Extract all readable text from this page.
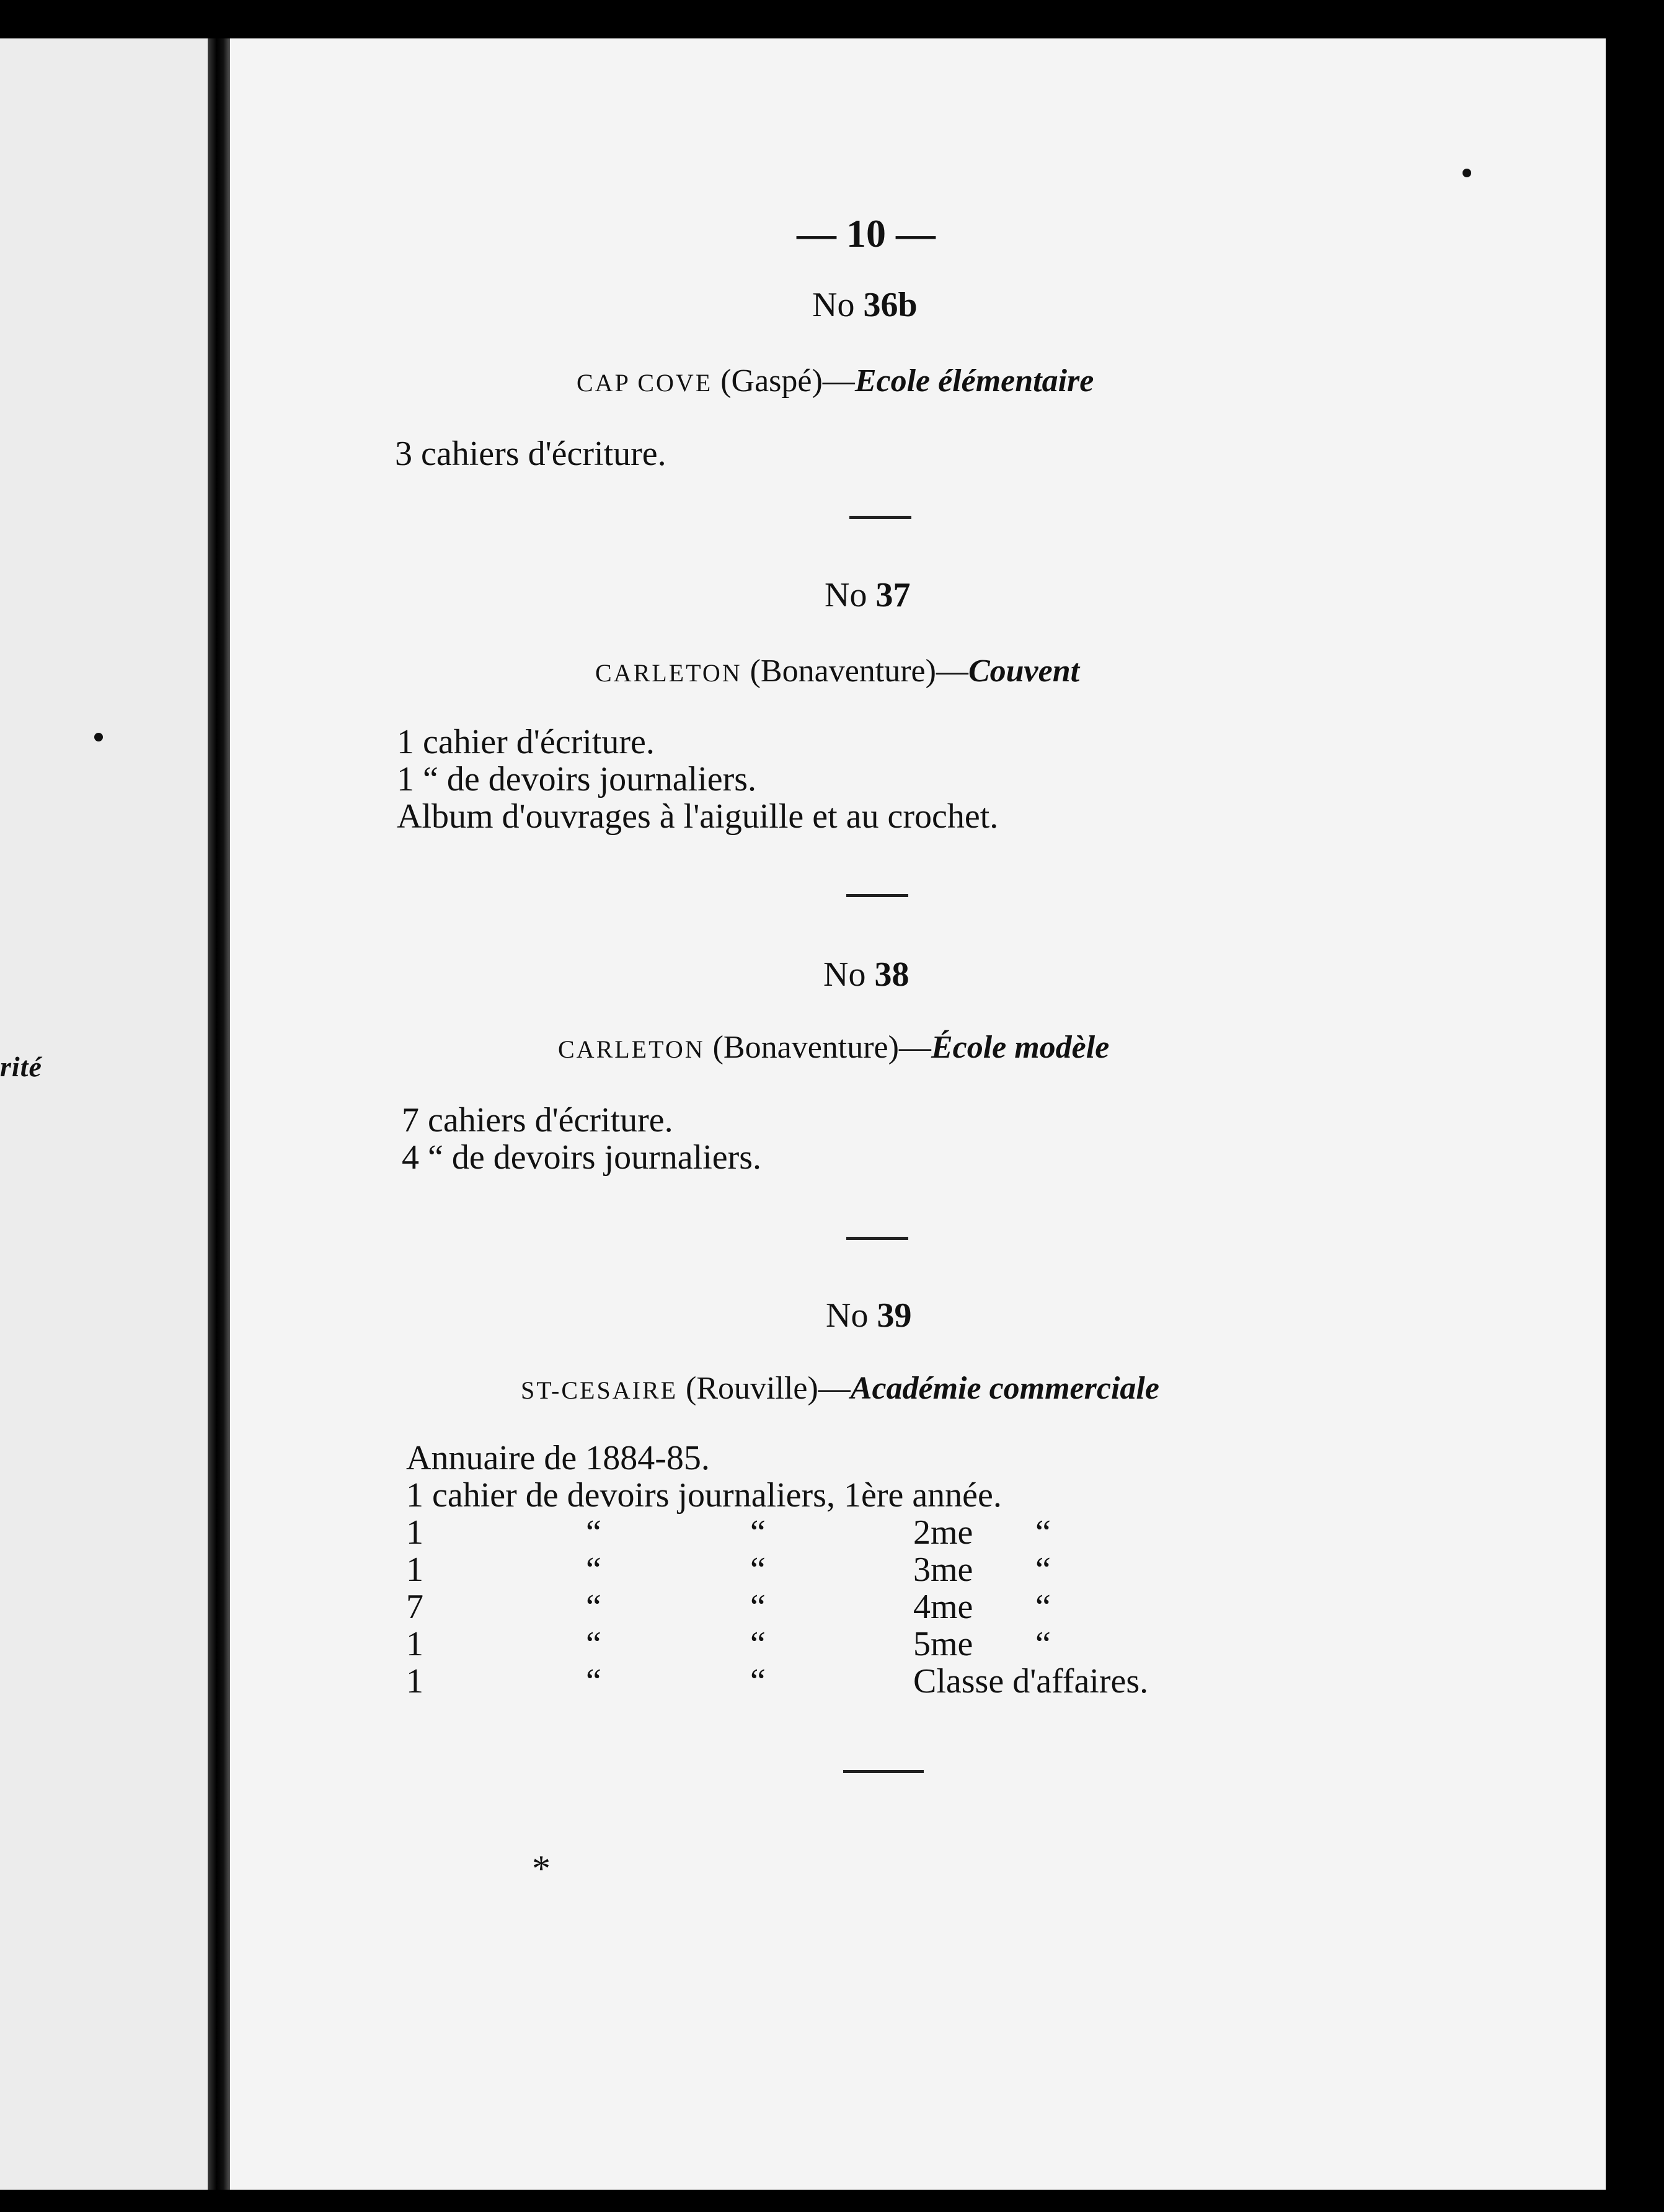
rité
— 10 —
No 36b
CAP COVE (Gaspé)—Ecole élémentaire
3 cahiers d'écriture.
No 37
CARLETON (Bonaventure)—Couvent
1 cahier d'écriture.
1 “ de devoirs journaliers.
Album d'ouvrages à l'aiguille et au crochet.
No 38
CARLETON (Bonaventure)—École modèle
7 cahiers d'écriture.
4 “ de devoirs journaliers.
No 39
ST-CESAIRE (Rouville)—Académie commerciale
Annuaire de 1884-85.
1 cahier de devoirs journaliers, 1ère année.
1	“	“	2me “
1	“	“	3me “
7	“	“	4me “
1	“	“	5me “
1	“	“	Classe d'affaires.
*
